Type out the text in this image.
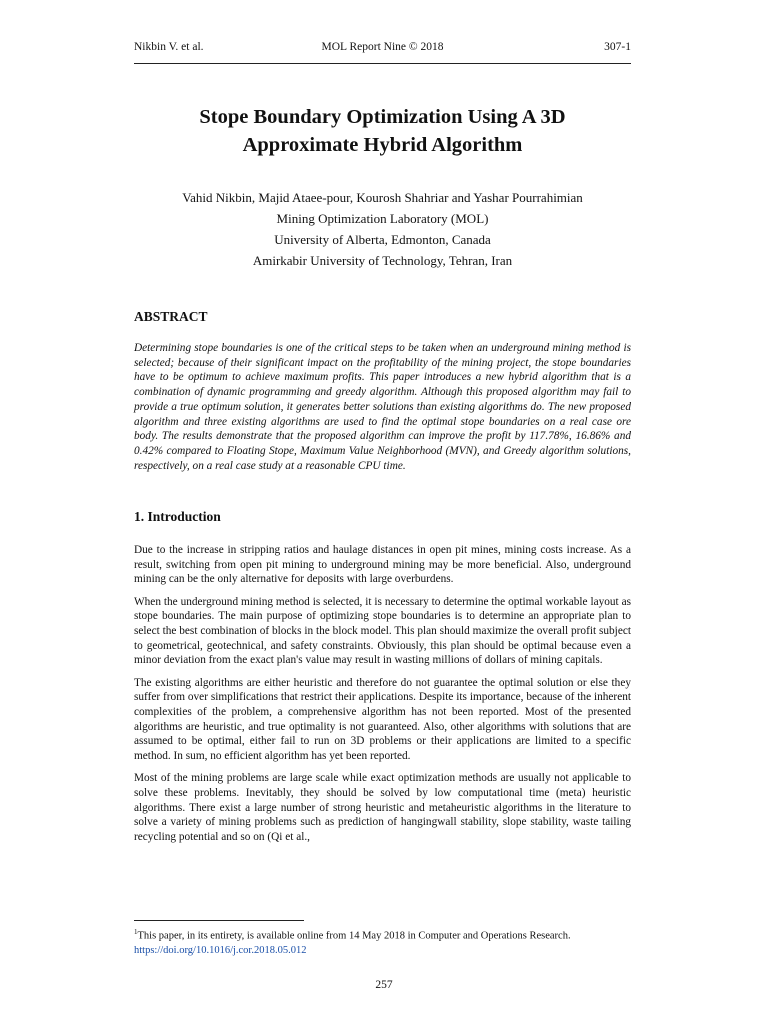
Nikbin V. et al.	MOL Report Nine © 2018	307-1
Stope Boundary Optimization Using A 3D
Approximate Hybrid Algorithm
Vahid Nikbin, Majid Ataee-pour, Kourosh Shahriar and Yashar Pourrahimian
Mining Optimization Laboratory (MOL)
University of Alberta, Edmonton, Canada
Amirkabir University of Technology, Tehran, Iran
ABSTRACT
Determining stope boundaries is one of the critical steps to be taken when an underground mining method is selected; because of their significant impact on the profitability of the mining project, the stope boundaries have to be optimum to achieve maximum profits. This paper introduces a new hybrid algorithm that is a combination of dynamic programming and greedy algorithm. Although this proposed algorithm may fail to provide a true optimum solution, it generates better solutions than existing algorithms do. The new proposed algorithm and three existing algorithms are used to find the optimal stope boundaries on a real case ore body. The results demonstrate that the proposed algorithm can improve the profit by 117.78%, 16.86% and 0.42% compared to Floating Stope, Maximum Value Neighborhood (MVN), and Greedy algorithm solutions, respectively, on a real case study at a reasonable CPU time.
1. Introduction

Due to the increase in stripping ratios and haulage distances in open pit mines, mining costs increase. As a result, switching from open pit mining to underground mining may be more beneficial. Also, underground mining can be the only alternative for deposits with large overburdens.

When the underground mining method is selected, it is necessary to determine the optimal workable layout as stope boundaries. The main purpose of optimizing stope boundaries is to determine an appropriate plan to select the best combination of blocks in the block model. This plan should maximize the overall profit subject to geometrical, geotechnical, and safety constraints. Obviously, this plan should be optimal because even a minor deviation from the exact plan's value may result in wasting millions of dollars of mining capitals.

The existing algorithms are either heuristic and therefore do not guarantee the optimal solution or else they suffer from over simplifications that restrict their applications. Despite its importance, because of the inherent complexities of the problem, a comprehensive algorithm has not been reported. Most of the presented algorithms are heuristic, and true optimality is not guaranteed. Also, other algorithms with solutions that are assumed to be optimal, either fail to run on 3D problems or their applications are limited to a specific method. In sum, no efficient algorithm has yet been reported.

Most of the mining problems are large scale while exact optimization methods are usually not applicable to solve these problems. Inevitably, they should be solved by low computational time (meta) heuristic algorithms. There exist a large number of strong heuristic and metaheuristic algorithms in the literature to solve a variety of mining problems such as prediction of hangingwall stability, slope stability, waste tailing recycling potential and so on (Qi et al.,

$^1$This paper, in its entirety, is available online from 14 May 2018 in Computer and Operations Research.
https://doi.org/10.1016/j.cor.2018.05.012
257
